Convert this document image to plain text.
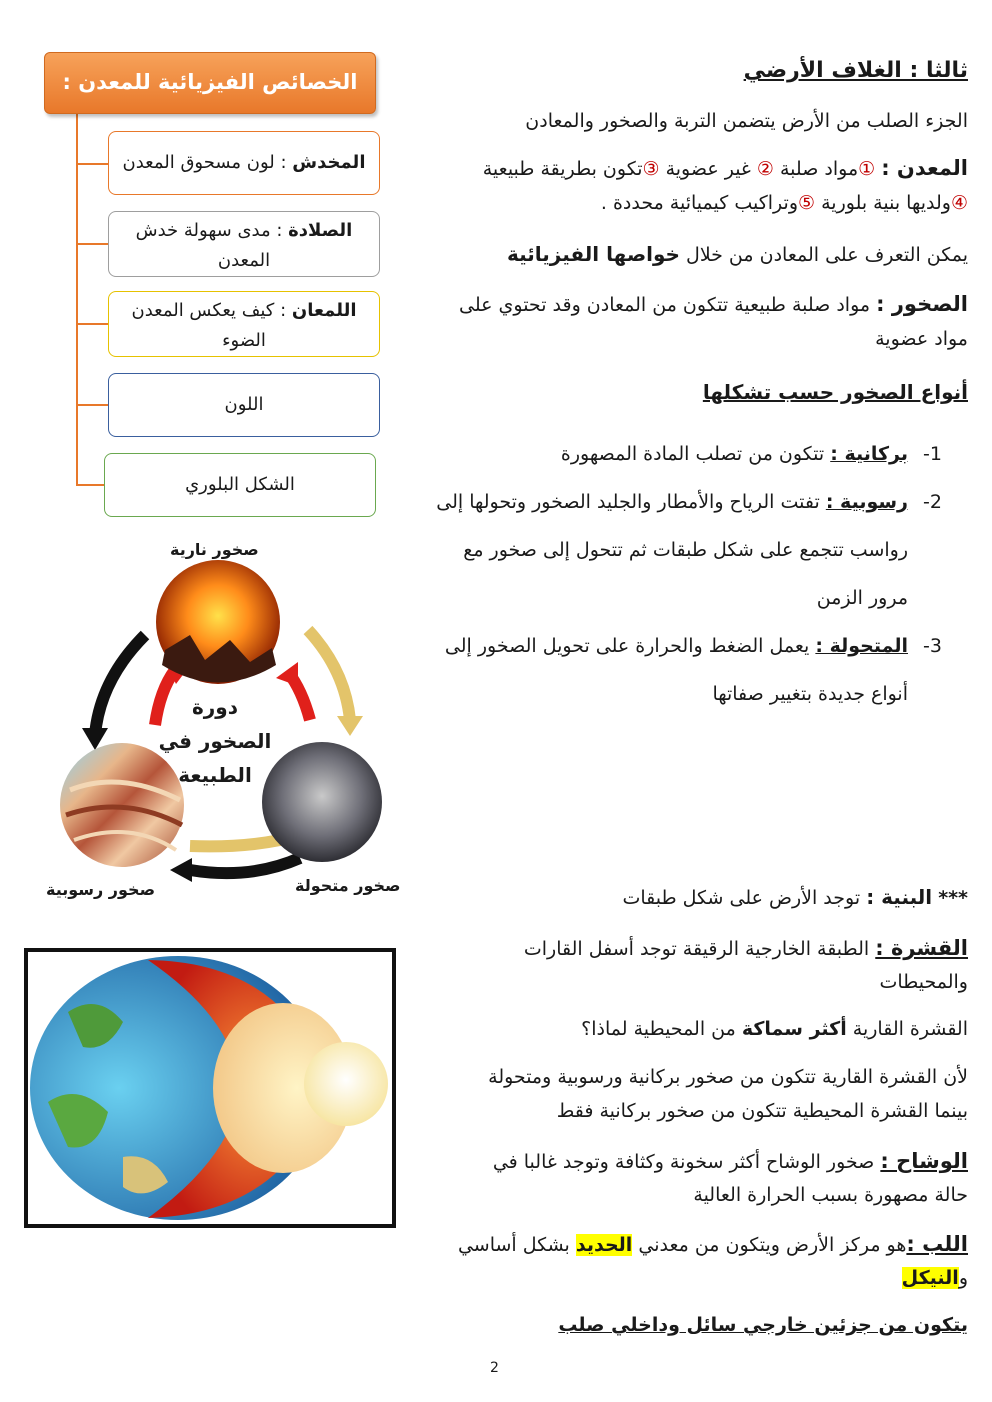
ثالثا : الغلاف الأرضي
الجزء الصلب من الأرض يتضمن التربة والصخور والمعادن
المعدن : ①مواد صلبة ② غير عضوية ③تكون بطريقة طبيعية
④ولديها بنية بلورية ⑤وتراكيب كيميائية محددة .
يمكن التعرف على المعادن من خلال خواصها الفيزيائية
الصخور : مواد صلبة طبيعية تتكون من المعادن وقد تحتوي على
مواد عضوية
أنواع الصخور حسب تشكلها
1-
بركانية : تتكون من تصلب المادة المصهورة
2-
رسوبية : تفتت الرياح والأمطار والجليد الصخور وتحولها إلى
رواسب تتجمع على شكل طبقات ثم تتحول إلى صخور مع
مرور الزمن
3-
المتحولة : يعمل الضغط والحرارة على تحويل الصخور إلى
أنواع جديدة بتغيير صفاتها
*** البنية : توجد الأرض على شكل طبقات
القشرة : الطبقة الخارجية الرقيقة توجد أسفل القارات
والمحيطات
القشرة القارية أكثر سماكة من المحيطية لماذا؟
لأن القشرة القارية تتكون من صخور بركانية ورسوبية ومتحولة
بينما القشرة المحيطية تتكون من صخور بركانية فقط
الوشاح : صخور الوشاح أكثر سخونة وكثافة وتوجد غالبا في
حالة مصهورة بسبب الحرارة العالية
اللب :هو مركز الأرض ويتكون من معدني الحديد بشكل أساسي
والنيكل
يتكون من جزئين خارجي سائل وداخلي صلب
2
الخصائص الفيزيائية للمعدن :
المخدش : لون مسحوق المعدن
الصلادة : مدى سهولة خدش المعدن
اللمعان : كيف يعكس المعدن الضوء
اللون
الشكل البلوري
صخور نارية
دورة
الصخور في
الطبيعة
صخور رسوبية	صخور متحولة
